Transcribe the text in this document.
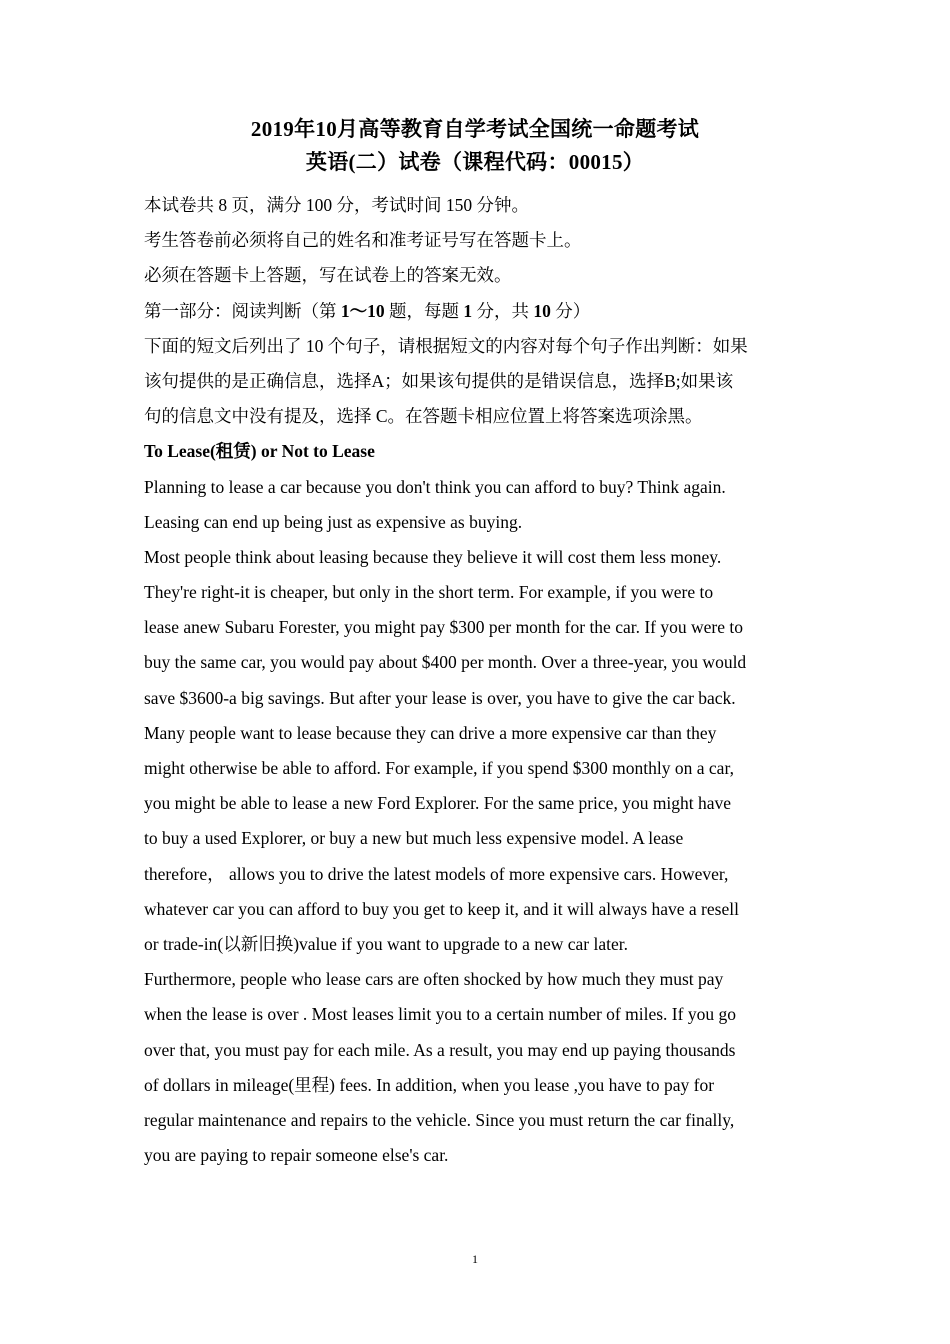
2019年10月高等教育自学考试全国统一命题考试
英语(二）试卷（课程代码：00015）
本试卷共 8 页，满分 100 分，考试时间 150 分钟。
考生答卷前必须将自己的姓名和准考证号写在答题卡上。
必须在答题卡上答题，写在试卷上的答案无效。
第一部分：阅读判断（第 1～10 题，每题 1 分，共 10 分）
下面的短文后列出了 10 个句子，请根据短文的内容对每个句子作出判断：如果
该句提供的是正确信息，选择A；如果该句提供的是错误信息，选择B;如果该
句的信息文中没有提及，选择 C。在答题卡相应位置上将答案选项涂黑。
To Lease(租赁) or Not to Lease
Planning to lease a car because you don't think you can afford to buy? Think again.
Leasing can end up being just as expensive as buying.
Most people think about leasing because they believe it will cost them less money.
They're right-it is cheaper, but only in the short term. For example, if you were to
lease anew Subaru Forester, you might pay $300 per month for the car. If you were to
buy the same car, you would pay about $400 per month. Over a three-year, you would
save $3600-a big savings. But after your lease is over, you have to give the car back.
Many people want to lease because they can drive a more expensive car than they
might otherwise be able to afford. For example, if you spend $300 monthly on a car,
you might be able to lease a new Ford Explorer. For the same price, you might have
to buy a used Explorer, or buy a new but much less expensive model. A lease
therefore， allows you to drive the latest models of more expensive cars. However,
whatever car you can afford to buy you get to keep it, and it will always have a resell
or trade-in(以新旧换)value if you want to upgrade to a new car later.
Furthermore, people who lease cars are often shocked by how much they must pay
when the lease is over . Most leases limit you to a certain number of miles. If you go
over that, you must pay for each mile. As a result, you may end up paying thousands
of dollars in mileage(里程) fees. In addition, when you lease ,you have to pay for
regular maintenance and repairs to the vehicle. Since you must return the car finally,
you are paying to repair someone else's car.
1
